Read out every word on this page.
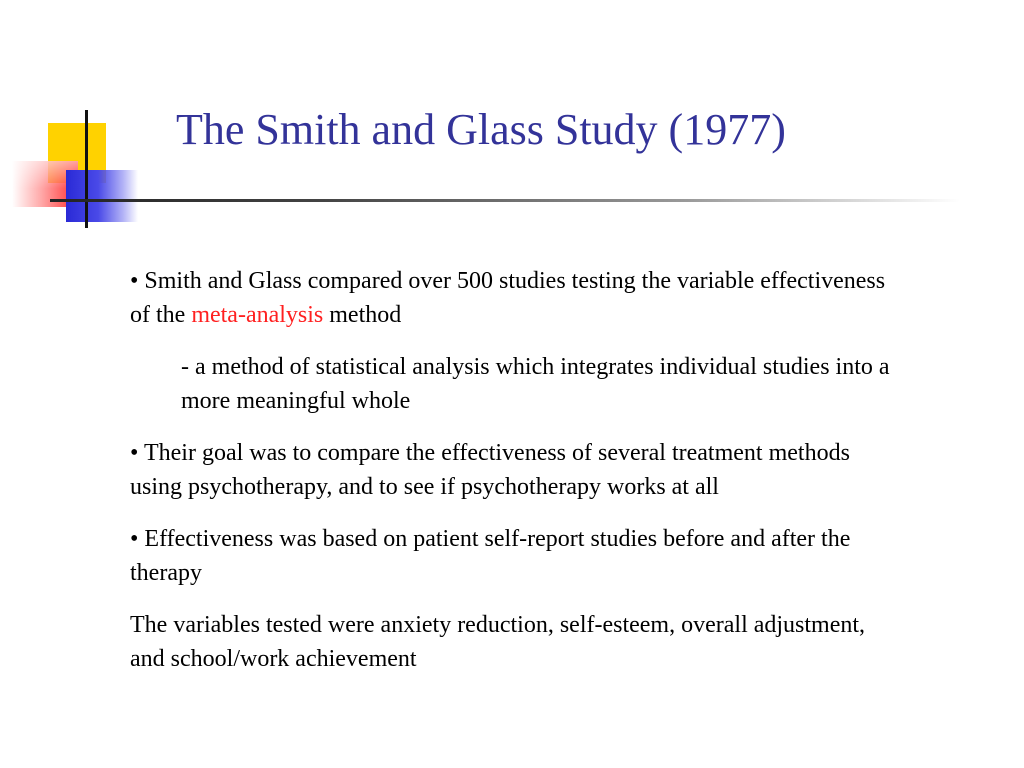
The Smith and Glass Study (1977)

• Smith and Glass compared over 500 studies testing the variable effectiveness of the meta-analysis method

- a method of statistical analysis which integrates individual studies into a more meaningful whole

• Their goal was to compare the effectiveness of several treatment methods using psychotherapy, and to see if psychotherapy works at all

• Effectiveness was based on patient self-report studies before and after the therapy

The variables tested were anxiety reduction, self-esteem, overall adjustment, and school/work achievement
